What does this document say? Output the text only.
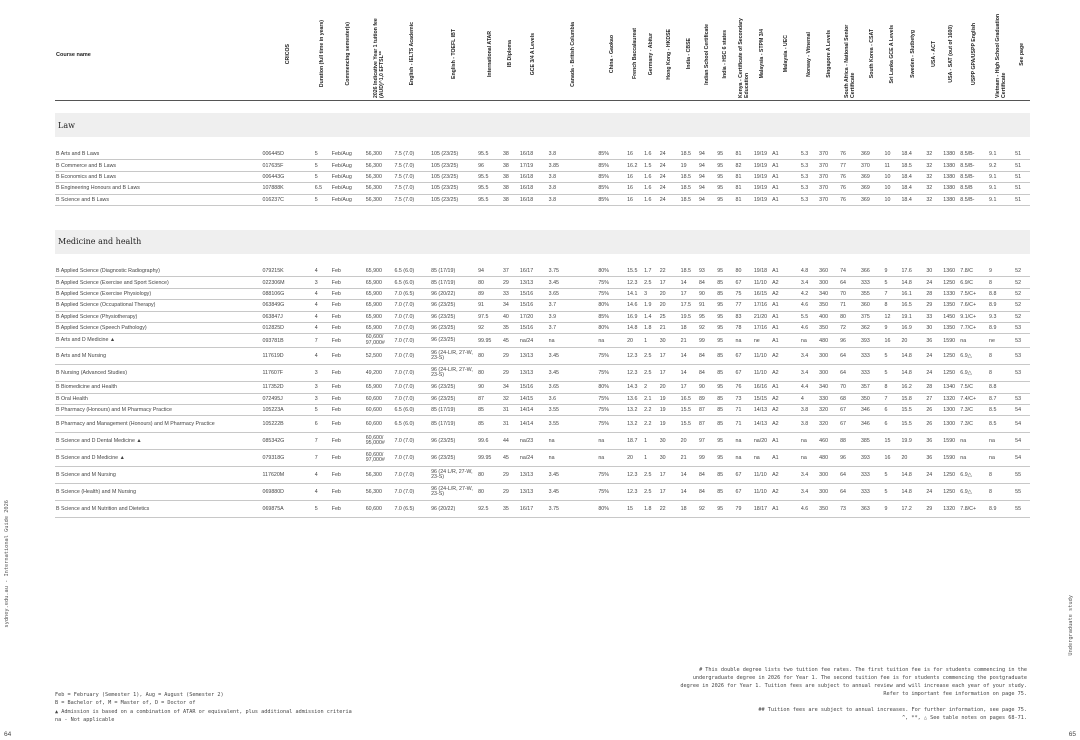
Course name	CRICOS	Duration (full time in years)	Commencing semester(s)	2026 Indicative Year 1 tuition fee (AUD)^1,0 EFTSL**	English - IELTS Academic	English - TOEFL IBT	International ATAR	IB Diploma	GCE 3/4 A Levels	Canada - British Columbia	China - Gaokao	French Baccalaureat	Germany - Abitur	Hong Kong - HKDSE	India - CBSE	Indian School Certificate	India - HSC 6 states	Kenya - Certificate of Secondary Education	Malaysia - STPM 3/4	Malaysia - UEC	Norway - Vitnemal	Singapore A Levels	South Africa - National Senior Certificate	South Korea - CSAT	Sri Lanka GCE A Levels	Sweden - Slutbetyg	USA - ACT	USA - SAT (out of 1600)	USPP GPA/USPP English	Vietnam - High School Graduation Certificate	See page

Law																															

B Arts and B Laws	006445D	5	Feb/Aug	56,300	7.5 (7.0)	105 (23/25)	95.5	38	16/18	3.8	85%	16	1.6	24	18.5	94	95	81	19/19	A1	5.3	370	76	369	10	18.4	32	1380	8.5/B-	9.1	51
B Commerce and B Laws	017635F	5	Feb/Aug	56,300	7.5 (7.0)	105 (23/25)	96	38	17/19	3.85	85%	16.2	1.5	24	19	94	95	82	19/19	A1	5.3	370	77	370	11	18.5	32	1380	8.5/B-	9.2	51
B Economics and B Laws	006443G	5	Feb/Aug	56,300	7.5 (7.0)	105 (23/25)	95.5	38	16/18	3.8	85%	16	1.6	24	18.5	94	95	81	19/19	A1	5.3	370	76	369	10	18.4	32	1380	8.5/B-	9.1	51
B Engineering Honours and B Laws	107888K	6.5	Feb/Aug	56,300	7.5 (7.0)	105 (23/25)	95.5	38	16/18	3.8	85%	16	1.6	24	18.5	94	95	81	19/19	A1	5.3	370	76	369	10	18.4	32	1380	8.5/B	9.1	51
B Science and B Laws	016237C	5	Feb/Aug	56,300	7.5 (7.0)	105 (23/25)	95.5	38	16/18	3.8	85%	16	1.6	24	18.5	94	95	81	19/19	A1	5.3	370	76	369	10	18.4	32	1380	8.5/B-	9.1	51

Medicine and health																															

B Applied Science (Diagnostic Radiography)	079215K	4	Feb	65,900	6.5 (6.0)	85 (17/19)	94	37	16/17	3.75	80%	15.5	1.7	22	18.5	93	95	80	19/18	A1	4.8	360	74	366	9	17.6	30	1360	7.8/C	9	52
B Applied Science (Exercise and Sport Science)	022306M	3	Feb	65,900	6.5 (6.0)	85 (17/19)	80	29	13/13	3.45	75%	12.3	2.5	17	14	84	85	67	11/10	A2	3.4	300	64	333	5	14.8	24	1250	6.9/C	8	52
B Applied Science (Exercise Physiology)	088106G	4	Feb	65,900	7.0 (6.5)	96 (20/22)	89	33	15/16	3.65	75%	14.1	3	20	17	90	85	75	16/15	A2	4.2	340	70	355	7	16.1	28	1330	7.5/C+	8.8	52
B Applied Science (Occupational Therapy)	063849G	4	Feb	65,900	7.0 (7.0)	96 (23/25)	91	34	15/16	3.7	80%	14.6	1.9	20	17.5	91	95	77	17/16	A1	4.6	350	71	360	8	16.5	29	1350	7.6/C+	8.9	52
B Applied Science (Physiotherapy)	063847J	4	Feb	65,900	7.0 (7.0)	96 (23/25)	97.5	40	17/20	3.9	85%	16.9	1.4	25	19.5	95	95	83	21/20	A1	5.5	400	80	375	12	19.1	33	1450	9.1/C+	9.3	52
B Applied Science (Speech Pathology)	012825D	4	Feb	65,900	7.0 (7.0)	96 (23/25)	92	35	15/16	3.7	80%	14.8	1.8	21	18	92	95	78	17/16	A1	4.6	350	72	362	9	16.9	30	1350	7.7/C+	8.9	53
B Arts and D Medicine ▲	093781B	7	Feb	60,600/ 97,000#	7.0 (7.0)	96 (23/25)	99.95	45	na/24	na	na	20	1	30	21	99	95	na	ne	A1	na	480	96	393	16	20	36	1590	na	ne	53
B Arts and M Nursing	117619D	4	Feb	52,500	7.0 (7.0)	96 (24-L/R, 27-W, 23-S)	80	29	13/13	3.45	75%	12.3	2.5	17	14	84	85	67	11/10	A2	3.4	300	64	333	5	14.8	24	1250	6.9△	8	53
B Nursing (Advanced Studies)	117607F	3	Feb	49,200	7.0 (7.0)	96 (24-L/R, 27-W, 23-S)	80	29	13/13	3.45	75%	12.3	2.5	17	14	84	85	67	11/10	A2	3.4	300	64	333	5	14.8	24	1250	6.9△	8	53
B Biomedicine and Health	117352D	3	Feb	65,900	7.0 (7.0)	96 (23/25)	90	34	15/16	3.65	80%	14.3	2	20	17	90	95	76	16/16	A1	4.4	340	70	357	8	16.2	28	1340	7.5/C	8.8	
B Oral Health	072495J	3	Feb	60,600	7.0 (7.0)	96 (23/25)	87	32	14/15	3.6	75%	13.6	2.1	19	16.5	89	85	73	15/15	A2	4	330	68	350	7	15.8	27	1320	7.4/C+	8.7	53
B Pharmacy (Honours) and M Pharmacy Practice	105223A	5	Feb	60,600	6.5 (6.0)	85 (17/19)	85	31	14/14	3.55	75%	13.2	2.2	19	15.5	87	85	71	14/13	A2	3.8	320	67	346	6	15.5	26	1300	7.3/C	8.5	54
B Pharmacy and Management (Honours) and M Pharmacy Practice	105222B	6	Feb	60,600	6.5 (6.0)	85 (17/19)	85	31	14/14	3.55	75%	13.2	2.2	19	15.5	87	85	71	14/13	A2	3.8	320	67	346	6	15.5	26	1300	7.3/C	8.5	54
B Science and D Dental Medicine ▲	085342G	7	Feb	60,600/ 95,000#	7.0 (7.0)	96 (23/25)	99.6	44	na/23	na	na	18.7	1	30	20	97	95	na	na/20	A1	na	460	88	385	15	19.9	36	1590	na	na	54
B Science and D Medicine ▲	079318G	7	Feb	60,600/ 97,000#	7.0 (7.0)	96 (23/25)	99.95	45	na/24	na	na	20	1	30	21	99	95	na	na	A1	na	480	96	393	16	20	36	1590	na	na	54
B Science and M Nursing	117620M	4	Feb	56,300	7.0 (7.0)	96 (24 L/R, 27-W, 23-S)	80	29	13/13	3.45	75%	12.3	2.5	17	14	84	85	67	11/10	A2	3.4	300	64	333	5	14.8	24	1250	6.9△	8	55
B Science (Health) and M Nursing	069880D	4	Feb	56,300	7.0 (7.0)	96 (24-L/R, 27-W, 23-S)	80	29	13/13	3.45	75%	12.3	2.5	17	14	84	85	67	11/10	A2	3.4	300	64	333	5	14.8	24	1250	6.9△	8	55
B Science and M Nutrition and Dietetics	069875A	5	Feb	60,600	7.0 (6.5)	96 (20/22)	92.5	35	16/17	3.75	80%	15	1.8	22	18	92	95	79	18/17	A1	4.6	350	73	363	9	17.2	29	1320	7.8/C+	8.9	55
sydney.edu.au - International Guide 2026	Undergraduate study

Feb = February (Semester 1), Aug = August (Semester 2)

B = Bachelor of, M = Master of, D = Doctor of

▲ Admission is based on a combination of ATAR or equivalent, plus additional admission criteria

na - Not applicable

# This double degree lists two tuition fee rates. The first tuition fee is for students commencing in the

undergraduate degree in 2026 for Year 1. The second tuition fee is for students commencing the postgraduate

degree in 2026 for Year 1. Tuition fees are subject to annual review and will increase each year of your study.

Refer to important fee information on page 75.

## Tuition fees are subject to annual increases. For further information, see page 75.

^, **, △ See table notes on pages 68-71.

64	65
